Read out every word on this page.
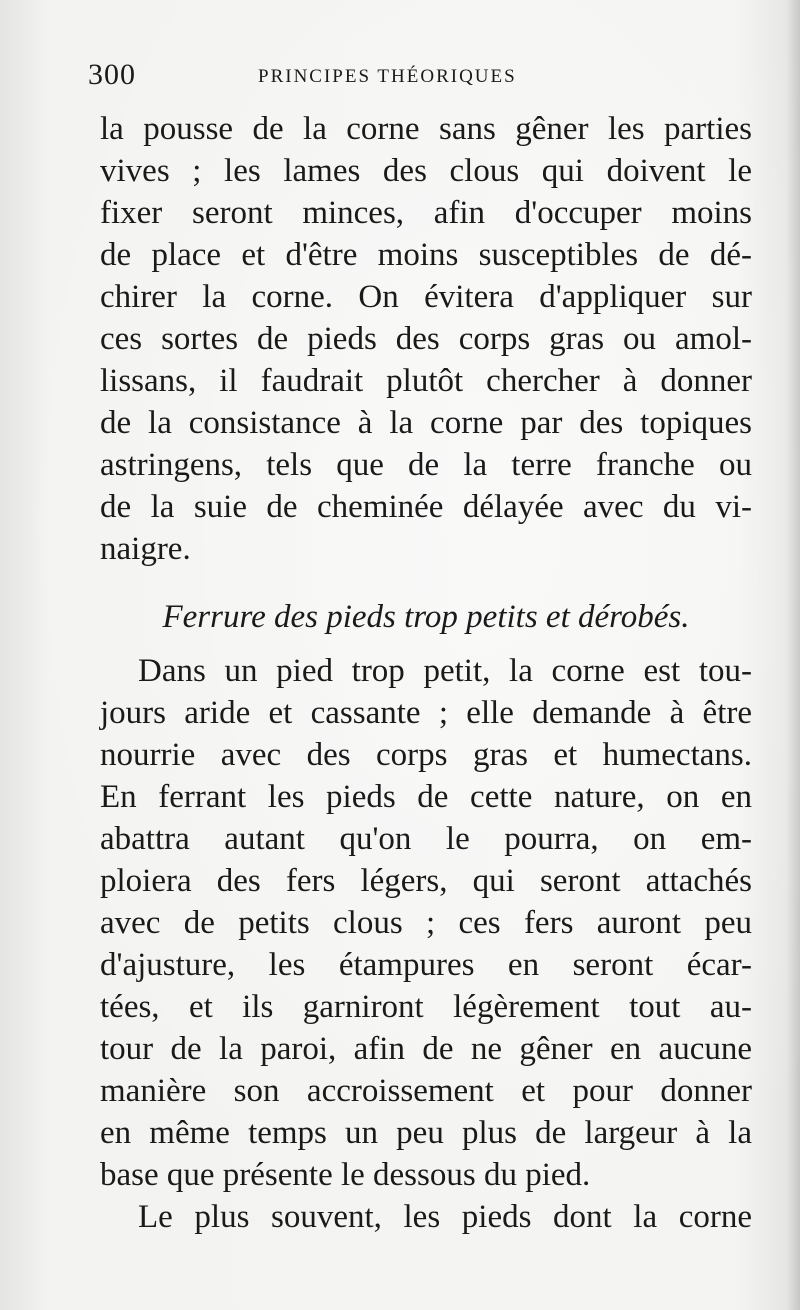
300	PRINCIPES THÉORIQUES
la pousse de la corne sans gêner les parties
vives ; les lames des clous qui doivent le
fixer seront minces, afin d'occuper moins
de place et d'être moins susceptibles de dé-
chirer la corne. On évitera d'appliquer sur
ces sortes de pieds des corps gras ou amol-
lissans, il faudrait plutôt chercher à donner
de la consistance à la corne par des topiques
astringens, tels que de la terre franche ou
de la suie de cheminée délayée avec du vi-
naigre.
Ferrure des pieds trop petits et dérobés.
Dans un pied trop petit, la corne est tou-
jours aride et cassante ; elle demande à être
nourrie avec des corps gras et humectans.
En ferrant les pieds de cette nature, on en
abattra autant qu'on le pourra, on em-
ploiera des fers légers, qui seront attachés
avec de petits clous ; ces fers auront peu
d'ajusture, les étampures en seront écar-
tées, et ils garniront légèrement tout au-
tour de la paroi, afin de ne gêner en aucune
manière son accroissement et pour donner
en même temps un peu plus de largeur à la
base que présente le dessous du pied.
Le plus souvent, les pieds dont la corne
